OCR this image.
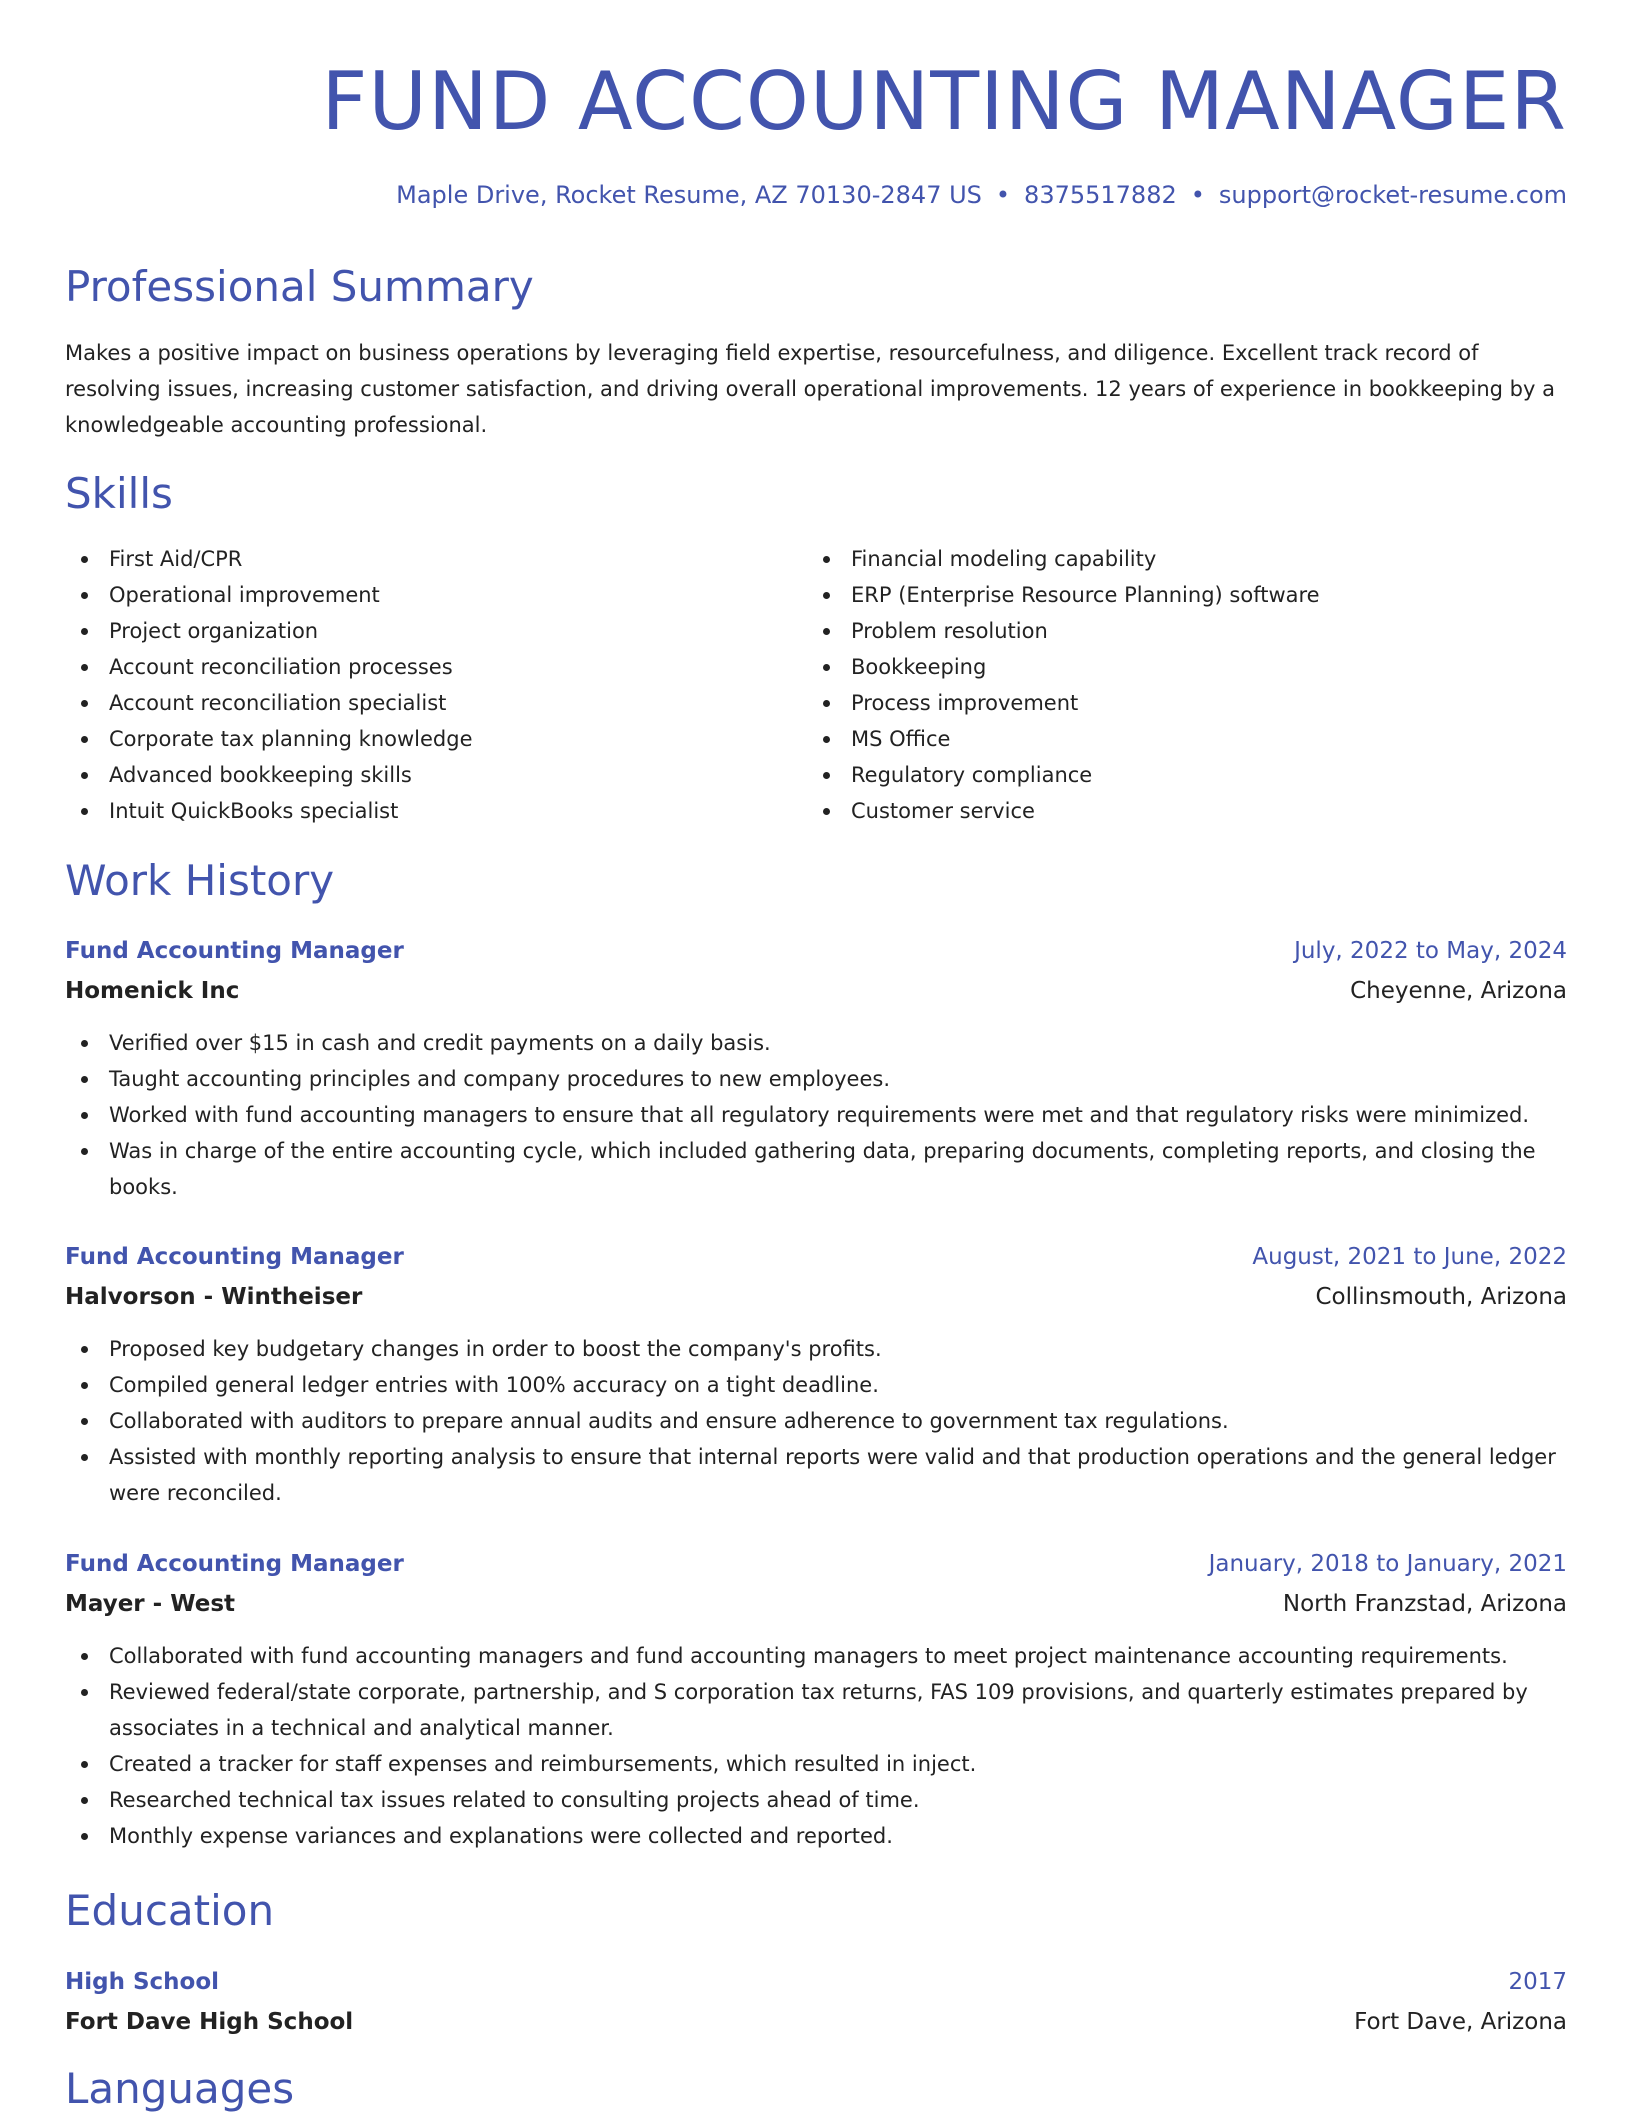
FUND ACCOUNTING MANAGER
Maple Drive, Rocket Resume, AZ 70130-2847 US • 8375517882 • support@rocket-resume.com
Professional Summary

Makes a positive impact on business operations by leveraging field expertise, resourcefulness, and diligence. Excellent track record of resolving issues, increasing customer satisfaction, and driving overall operational improvements. 12 years of experience in bookkeeping by a knowledgeable accounting professional.

Skills
First Aid/CPR
Operational improvement
Project organization
Account reconciliation processes
Account reconciliation specialist
Corporate tax planning knowledge
Advanced bookkeeping skills
Intuit QuickBooks specialist
Financial modeling capability
ERP (Enterprise Resource Planning) software
Problem resolution
Bookkeeping
Process improvement
MS Office
Regulatory compliance
Customer service
Work History
Fund Accounting Manager	July, 2022 to May, 2024
Homenick Inc	Cheyenne, Arizona
Verified over $15 in cash and credit payments on a daily basis.
Taught accounting principles and company procedures to new employees.
Worked with fund accounting managers to ensure that all regulatory requirements were met and that regulatory risks were minimized.
Was in charge of the entire accounting cycle, which included gathering data, preparing documents, completing reports, and closing the books.
Fund Accounting Manager	August, 2021 to June, 2022
Halvorson - Wintheiser	Collinsmouth, Arizona
Proposed key budgetary changes in order to boost the company's profits.
Compiled general ledger entries with 100% accuracy on a tight deadline.
Collaborated with auditors to prepare annual audits and ensure adherence to government tax regulations.
Assisted with monthly reporting analysis to ensure that internal reports were valid and that production operations and the general ledger were reconciled.
Fund Accounting Manager	January, 2018 to January, 2021
Mayer - West	North Franzstad, Arizona
Collaborated with fund accounting managers and fund accounting managers to meet project maintenance accounting requirements.
Reviewed federal/state corporate, partnership, and S corporation tax returns, FAS 109 provisions, and quarterly estimates prepared by associates in a technical and analytical manner.
Created a tracker for staff expenses and reimbursements, which resulted in inject.
Researched technical tax issues related to consulting projects ahead of time.
Monthly expense variances and explanations were collected and reported.
Education
High School	2017
Fort Dave High School	Fort Dave, Arizona
Languages
